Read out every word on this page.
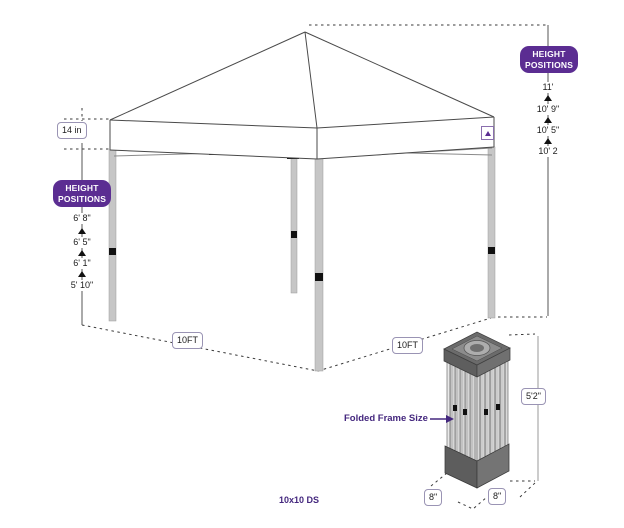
14 in
10FT	10FT
5'2"
8"	8"
HEIGHT POSITIONS
HEIGHT POSITIONS
6' 8"
6' 5"
6' 1"
5' 10"
11'
10' 9"
10' 5"
10' 2
Folded Frame Size
10x10 DS
